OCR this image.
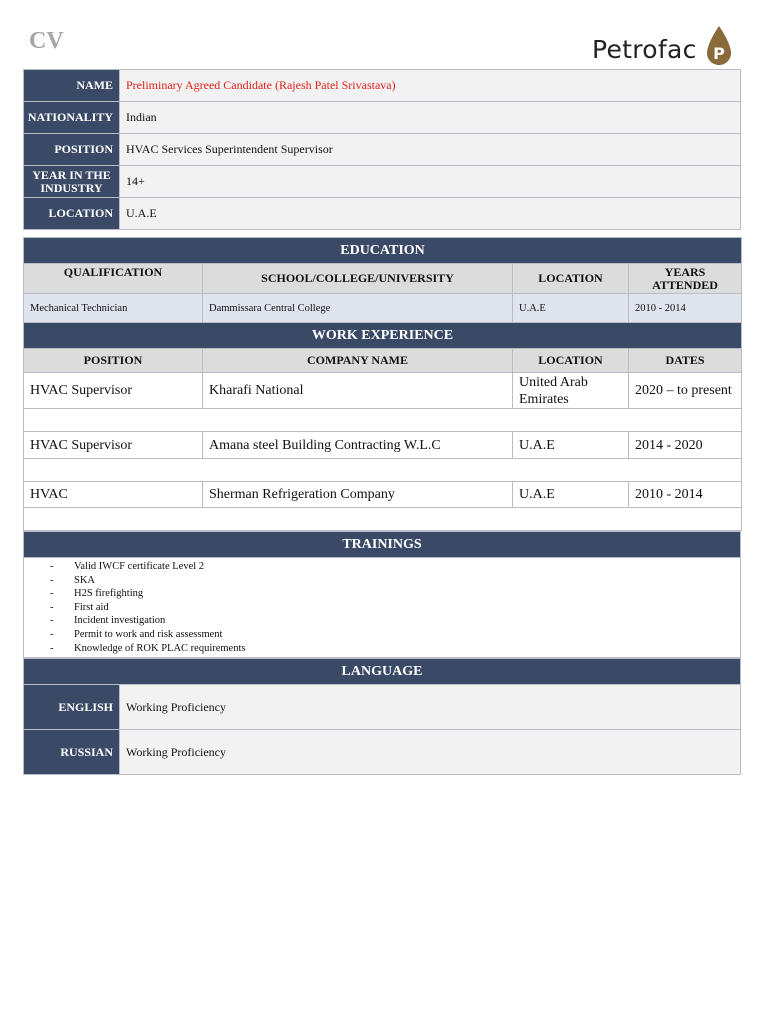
CV	Petrofac P
NAME	Preliminary Agreed Candidate (Rajesh Patel Srivastava)
NATIONALITY	Indian
POSITION	HVAC Services Superintendent Supervisor
YEAR IN THE INDUSTRY	14+
LOCATION	U.A.E
EDUCATION			
QUALIFICATION	SCHOOL/COLLEGE/UNIVERSITY	LOCATION	YEARS ATTENDED
Mechanical Technician	Dammissara Central College	U.A.E	2010 - 2014
WORK EXPERIENCE			
POSITION	COMPANY NAME	LOCATION	DATES
HVAC Supervisor	Kharafi National	United Arab Emirates	2020 – to present

HVAC Supervisor	Amana steel Building Contracting W.L.C	U.A.E	2014 - 2020

HVAC	Sherman Refrigeration Company	U.A.E	2010 - 2014

TRAININGS

-	Valid IWCF certificate Level 2
-	SKA
-	H2S firefighting
-	First aid
-	Incident investigation
-	Permit to work and risk assessment
-	Knowledge of ROK PLAC requirements
LANGUAGE	
ENGLISH	Working Proficiency
RUSSIAN	Working Proficiency
